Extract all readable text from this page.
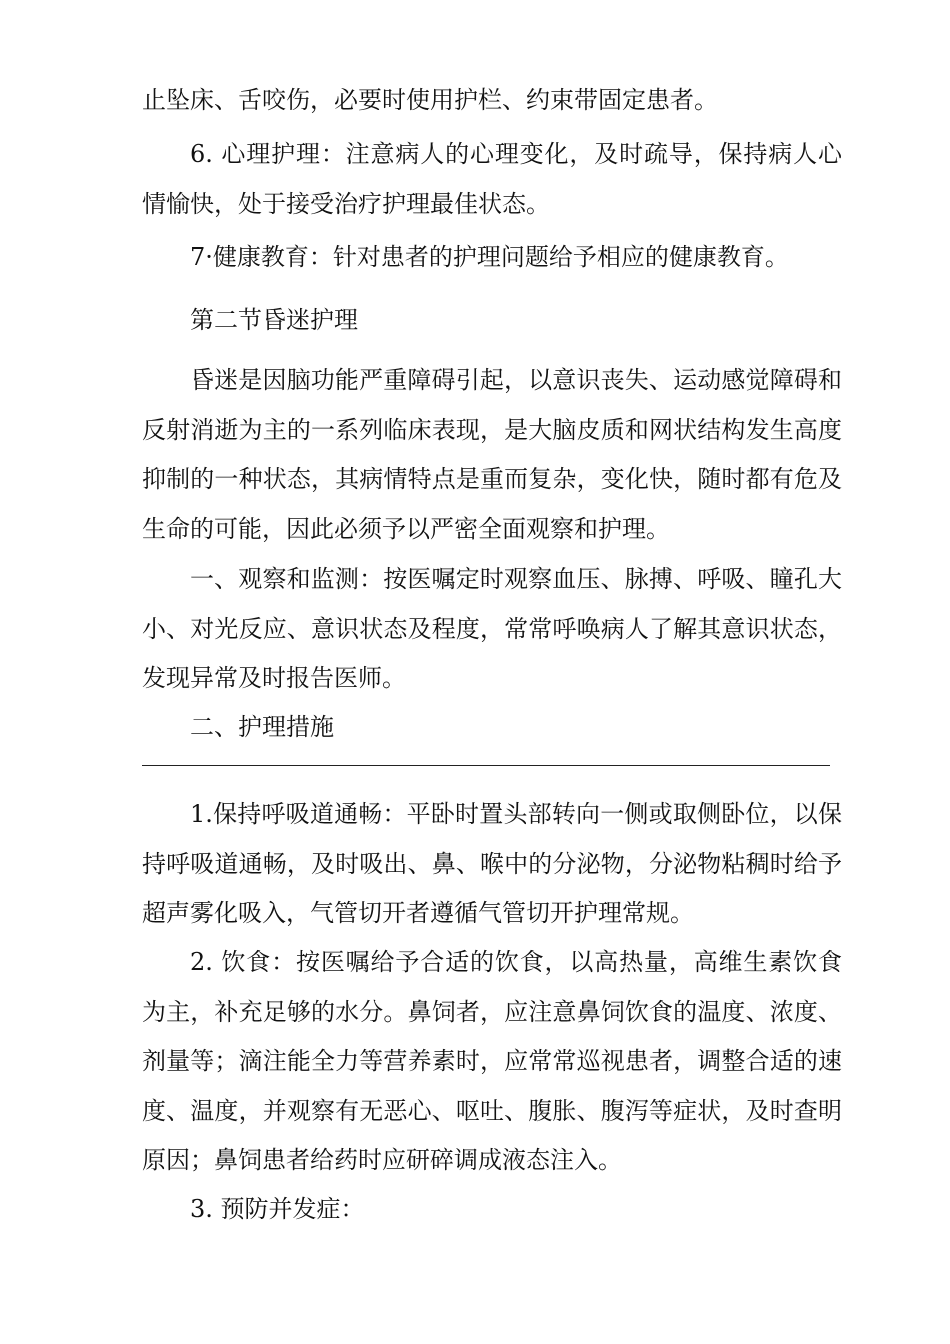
止坠床、舌咬伤，必要时使用护栏、约束带固定患者。

6. 心理护理：注意病人的心理变化，及时疏导，保持病人心情愉快，处于接受治疗护理最佳状态。

7·健康教育：针对患者的护理问题给予相应的健康教育。

第二节昏迷护理

昏迷是因脑功能严重障碍引起，以意识丧失、运动感觉障碍和反射消逝为主的一系列临床表现，是大脑皮质和网状结构发生高度抑制的一种状态，其病情特点是重而复杂，变化快，随时都有危及生命的可能，因此必须予以严密全面观察和护理。

一、观察和监测：按医嘱定时观察血压、脉搏、呼吸、瞳孔大小、对光反应、意识状态及程度，常常呼唤病人了解其意识状态，发现异常及时报告医师。

二、护理措施

1.保持呼吸道通畅：平卧时置头部转向一侧或取侧卧位，以保持呼吸道通畅，及时吸出、鼻、喉中的分泌物，分泌物粘稠时给予超声雾化吸入，气管切开者遵循气管切开护理常规。

2. 饮食：按医嘱给予合适的饮食，以高热量，高维生素饮食为主，补充足够的水分。鼻饲者，应注意鼻饲饮食的温度、浓度、剂量等；滴注能全力等营养素时，应常常巡视患者，调整合适的速度、温度，并观察有无恶心、呕吐、腹胀、腹泻等症状，及时查明原因；鼻饲患者给药时应研碎调成液态注入。

3. 预防并发症：
